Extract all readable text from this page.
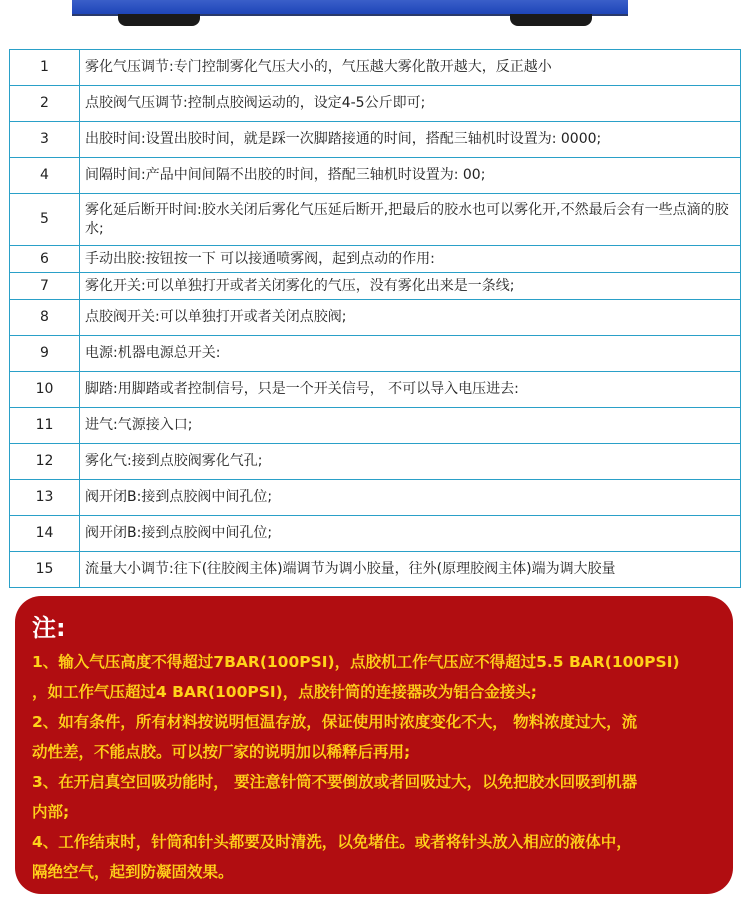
1	雾化气压调节:专门控制雾化气压大小的，气压越大雾化散开越大，反正越小
2	点胶阀气压调节:控制点胶阀运动的，设定4-5公斤即可;
3	出胶时间:设置出胶时间，就是踩一次脚踏接通的时间，搭配三轴机时设置为: 0000;
4	间隔时间:产品中间间隔不出胶的时间，搭配三轴机时设置为: 00;
5	雾化延后断开时间:胶水关闭后雾化气压延后断开,把最后的胶水也可以雾化开,不然最后会有一些点滴的胶水;
6	手动出胶:按钮按一下 可以接通喷雾阀，起到点动的作用:
7	雾化开关:可以单独打开或者关闭雾化的气压，没有雾化出来是一条线;
8	点胶阀开关:可以单独打开或者关闭点胶阀;
9	电源:机器电源总开关:
10	脚踏:用脚踏或者控制信号，只是一个开关信号， 不可以导入电压进去:
11	进气:气源接入口;
12	雾化气:接到点胶阀雾化气孔;
13	阀开闭B:接到点胶阀中间孔位;
14	阀开闭B:接到点胶阀中间孔位;
15	流量大小调节:往下(往胶阀主体)端调节为调小胶量，往外(原理胶阀主体)端为调大胶量
注:
1、输入气压高度不得超过7BAR(100PSI)，点胶机工作气压应不得超过5.5 BAR(100PSI)
，如工作气压超过4 BAR(100PSI)，点胶针筒的连接器改为铝合金接头;
2、如有条件，所有材料按说明恒温存放，保证使用时浓度变化不大， 物料浓度过大，流
动性差，不能点胶。可以按厂家的说明加以稀释后再用;
3、在开启真空回吸功能时， 要注意针筒不要倒放或者回吸过大，以免把胶水回吸到机器
内部;
4、工作结束时，针筒和针头都要及时清洗，以免堵住。或者将针头放入相应的液体中，
隔绝空气，起到防凝固效果。
